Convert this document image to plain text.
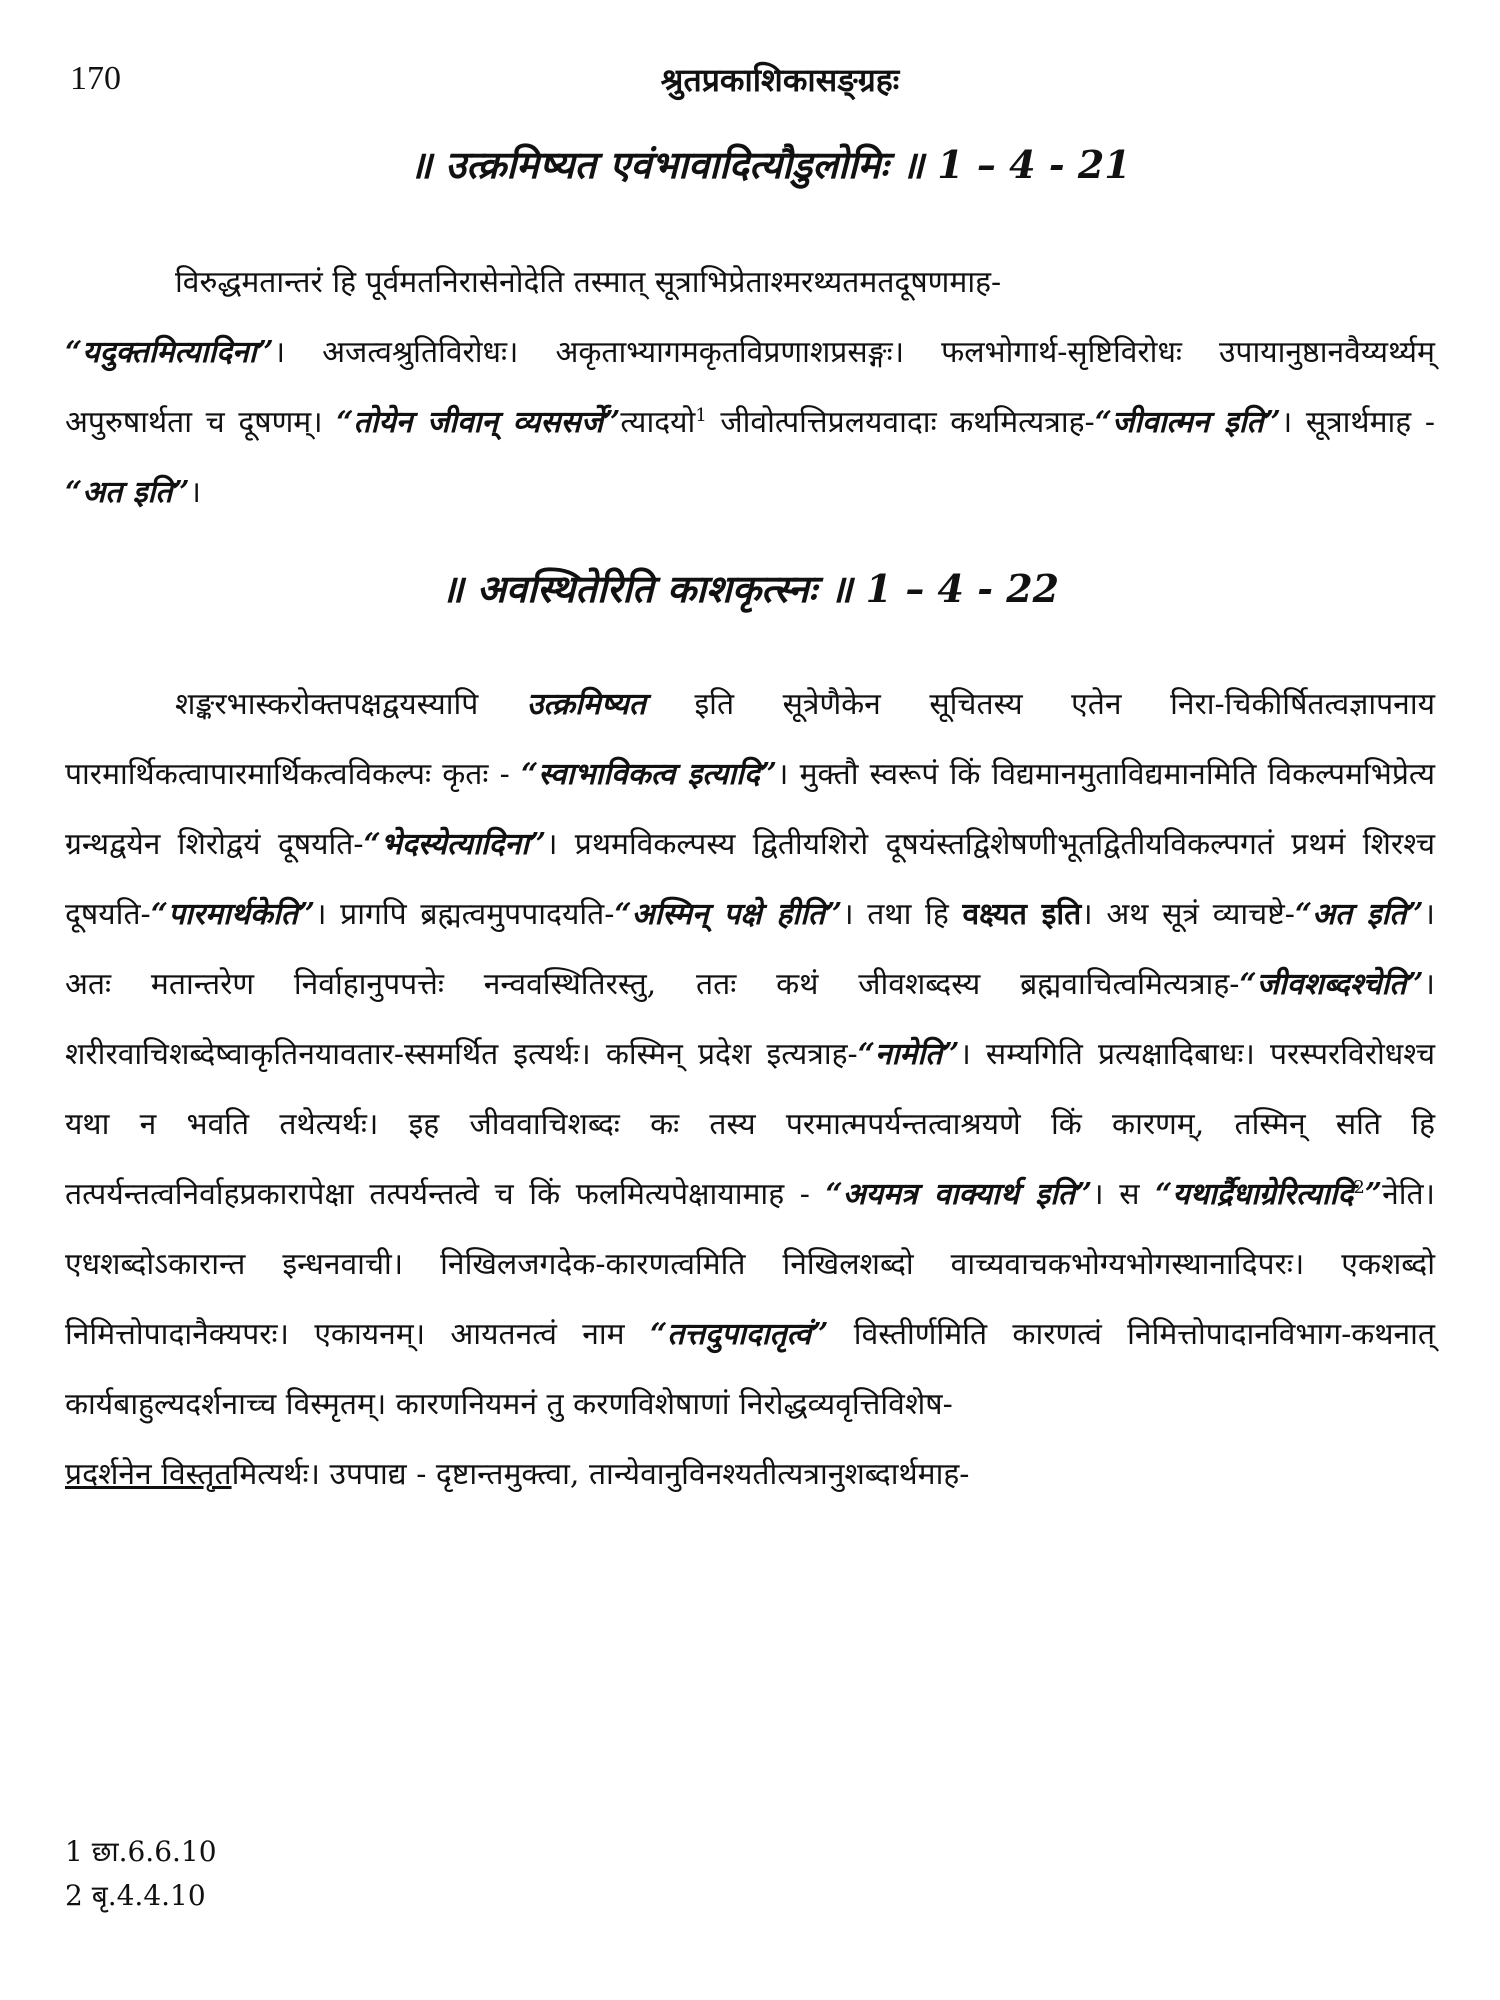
170	श्रुतप्रकाशिकासङ्ग्रहः
॥ उत्क्रमिष्यत एवंभावादित्यौडुलोमिः ॥ 1 – 4 - 21
विरुद्धमतान्तरं हि पूर्वमतनिरासेनोदेति तस्मात् सूत्राभिप्रेताश्मरथ्यतमतदूषणमाह-
“यदुक्तमित्यादिना”। अजत्वश्रुतिविरोधः। अकृताभ्यागमकृतविप्रणाशप्रसङ्गः। फलभोगार्थ-सृष्टिविरोधः उपायानुष्ठानवैय्यर्थ्यम् अपुरुषार्थता च दूषणम्। “तोयेन जीवान् व्यससर्जे”त्यादयो$^1$ जीवोत्पत्तिप्रलयवादाः कथमित्यत्राह-“जीवात्मन इति”। सूत्रार्थमाह - “अत इति”।
॥ अवस्थितेरिति काशकृत्स्नः ॥ 1 – 4 - 22
शङ्करभास्करोक्तपक्षद्वयस्यापि उत्क्रमिष्यत इति सूत्रेणैकेन सूचितस्य एतेन निरा-चिकीर्षितत्वज्ञापनाय पारमार्थिकत्वापारमार्थिकत्वविकल्पः कृतः - “स्वाभाविकत्व इत्यादि”। मुक्तौ स्वरूपं किं विद्यमानमुताविद्यमानमिति विकल्पमभिप्रेत्य ग्रन्थद्वयेन शिरोद्वयं दूषयति-“भेदस्येत्यादिना”। प्रथमविकल्पस्य द्वितीयशिरो दूषयंस्तद्विशेषणीभूतद्वितीयविकल्पगतं प्रथमं शिरश्च दूषयति-“पारमार्थकेति”। प्रागपि ब्रह्मत्वमुपपादयति-“अस्मिन् पक्षे हीति”। तथा हि वक्ष्यत इति। अथ सूत्रं व्याचष्टे-“अत इति”। अतः मतान्तरेण निर्वाहानुपपत्तेः नन्ववस्थितिरस्तु, ततः कथं जीवशब्दस्य ब्रह्मवाचित्वमित्यत्राह-“जीवशब्दश्चेति”। शरीरवाचिशब्देष्वाकृतिनयावतार-स्समर्थित इत्यर्थः। कस्मिन् प्रदेश इत्यत्राह-“नामेति”। सम्यगिति प्रत्यक्षादिबाधः। परस्परविरोधश्च यथा न भवति तथेत्यर्थः। इह जीववाचिशब्दः कः तस्य परमात्मपर्यन्तत्वाश्रयणे किं कारणम्, तस्मिन् सति हि तत्पर्यन्तत्वनिर्वाहप्रकारापेक्षा तत्पर्यन्तत्वे च किं फलमित्यपेक्षायामाह - “अयमत्र वाक्यार्थ इति”। स “यथार्द्रैधाग्रेरित्यादि$^2$”नेति। एधशब्दोऽकारान्त इन्धनवाची। निखिलजगदेक-कारणत्वमिति निखिलशब्दो वाच्यवाचकभोग्यभोगस्थानादिपरः। एकशब्दो निमित्तोपादानैक्यपरः। एकायनम्। आयतनत्वं नाम “तत्तदुपादातृत्वं” विस्तीर्णमिति कारणत्वं निमित्तोपादानविभाग-कथनात् कार्यबाहुल्यदर्शनाच्च विस्मृतम्। कारणनियमनं तु करणविशेषाणां निरोद्धव्यवृत्तिविशेष-
प्रदर्शनेन विस्तृतमित्यर्थः। उपपाद्य - दृष्टान्तमुक्त्वा, तान्येवानुविनश्यतीत्यत्रानुशब्दार्थमाह-
1 छा.6.6.10
2 बृ.4.4.10
